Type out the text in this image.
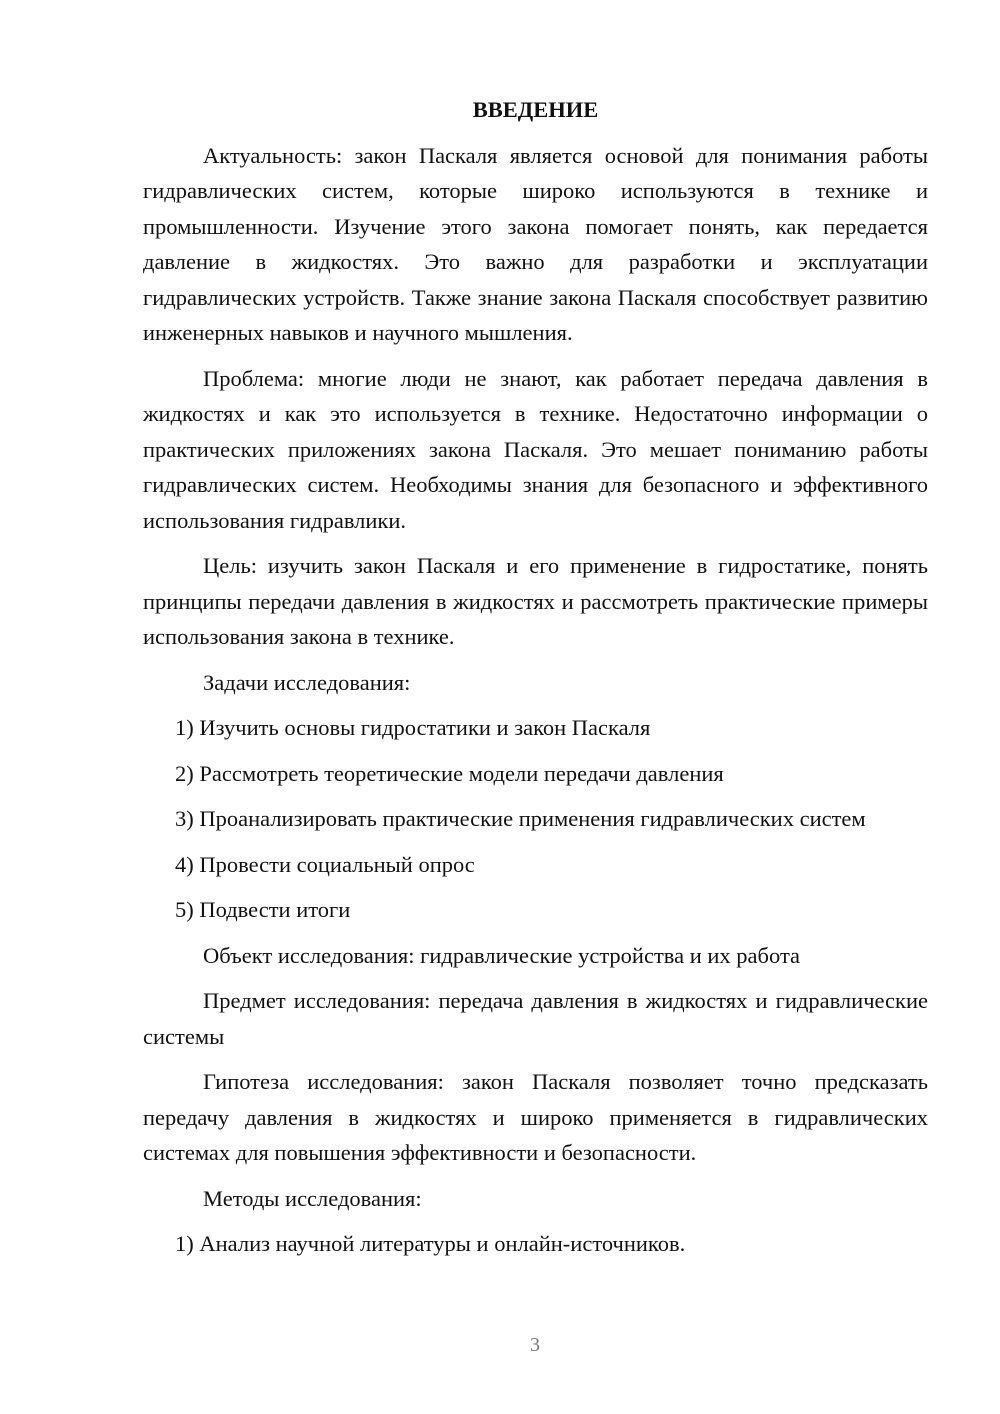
ВВЕДЕНИЕ

Актуальность: закон Паскаля является основой для понимания работы гидравлических систем, которые широко используются в технике и промышленности. Изучение этого закона помогает понять, как передается давление в жидкостях. Это важно для разработки и эксплуатации гидравлических устройств. Также знание закона Паскаля способствует развитию инженерных навыков и научного мышления.

Проблема: многие люди не знают, как работает передача давления в жидкостях и как это используется в технике. Недостаточно информации о практических приложениях закона Паскаля. Это мешает пониманию работы гидравлических систем. Необходимы знания для безопасного и эффективного использования гидравлики.

Цель: изучить закон Паскаля и его применение в гидростатике, понять принципы передачи давления в жидкостях и рассмотреть практические примеры использования закона в технике.

Задачи исследования:

1) Изучить основы гидростатики и закон Паскаля

2) Рассмотреть теоретические модели передачи давления

3) Проанализировать практические применения гидравлических систем

4) Провести социальный опрос

5) Подвести итоги

Объект исследования: гидравлические устройства и их работа

Предмет исследования: передача давления в жидкостях и гидравлические системы

Гипотеза исследования: закон Паскаля позволяет точно предсказать передачу давления в жидкостях и широко применяется в гидравлических системах для повышения эффективности и безопасности.

Методы исследования:

1) Анализ научной литературы и онлайн-источников.

3
